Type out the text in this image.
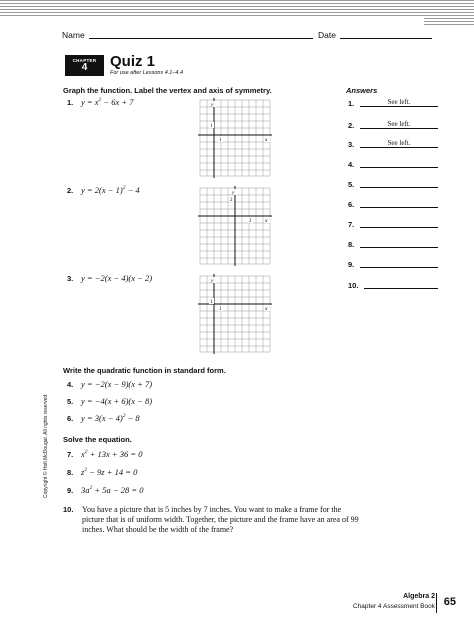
Name	Date
CHAPTER
4	Quiz 1
For use after Lessons 4.1–4.4
Graph the function. Label the vertex and axis of symmetry.	Answers
1. $y = x^2 - 6x + 7$
2. $y = 2(x - 1)^2 - 4$
3. y = −2(x − 4)(x − 2)
y
1
1	x
y
2
2 x
y
1
1	x
Write the quadratic function in standard form.
4. y = −2(x − 9)(x + 7)
5. y = −4(x + 6)(x − 8)
6. $y = 3(x - 4)^2 - 8$
Solve the equation.
7. $x^2 + 13x + 36 = 0$
8. $z^2 - 9z + 14 = 0$
9. $3a^2 + 5a - 28 = 0$
10. You have a picture that is 5 inches by 7 inches. You want to make a frame for the picture that is of uniform width. Together, the picture and the frame have an area of 99 inches. What should be the width of the frame?
1.	See left.
2.	See left.
3.	See left.
4.
5.
6.
7.
8.
9.
10.
Copyright © Holt McDougal. All rights reserved.
Algebra 2
Chapter 4 Assessment Book 65
